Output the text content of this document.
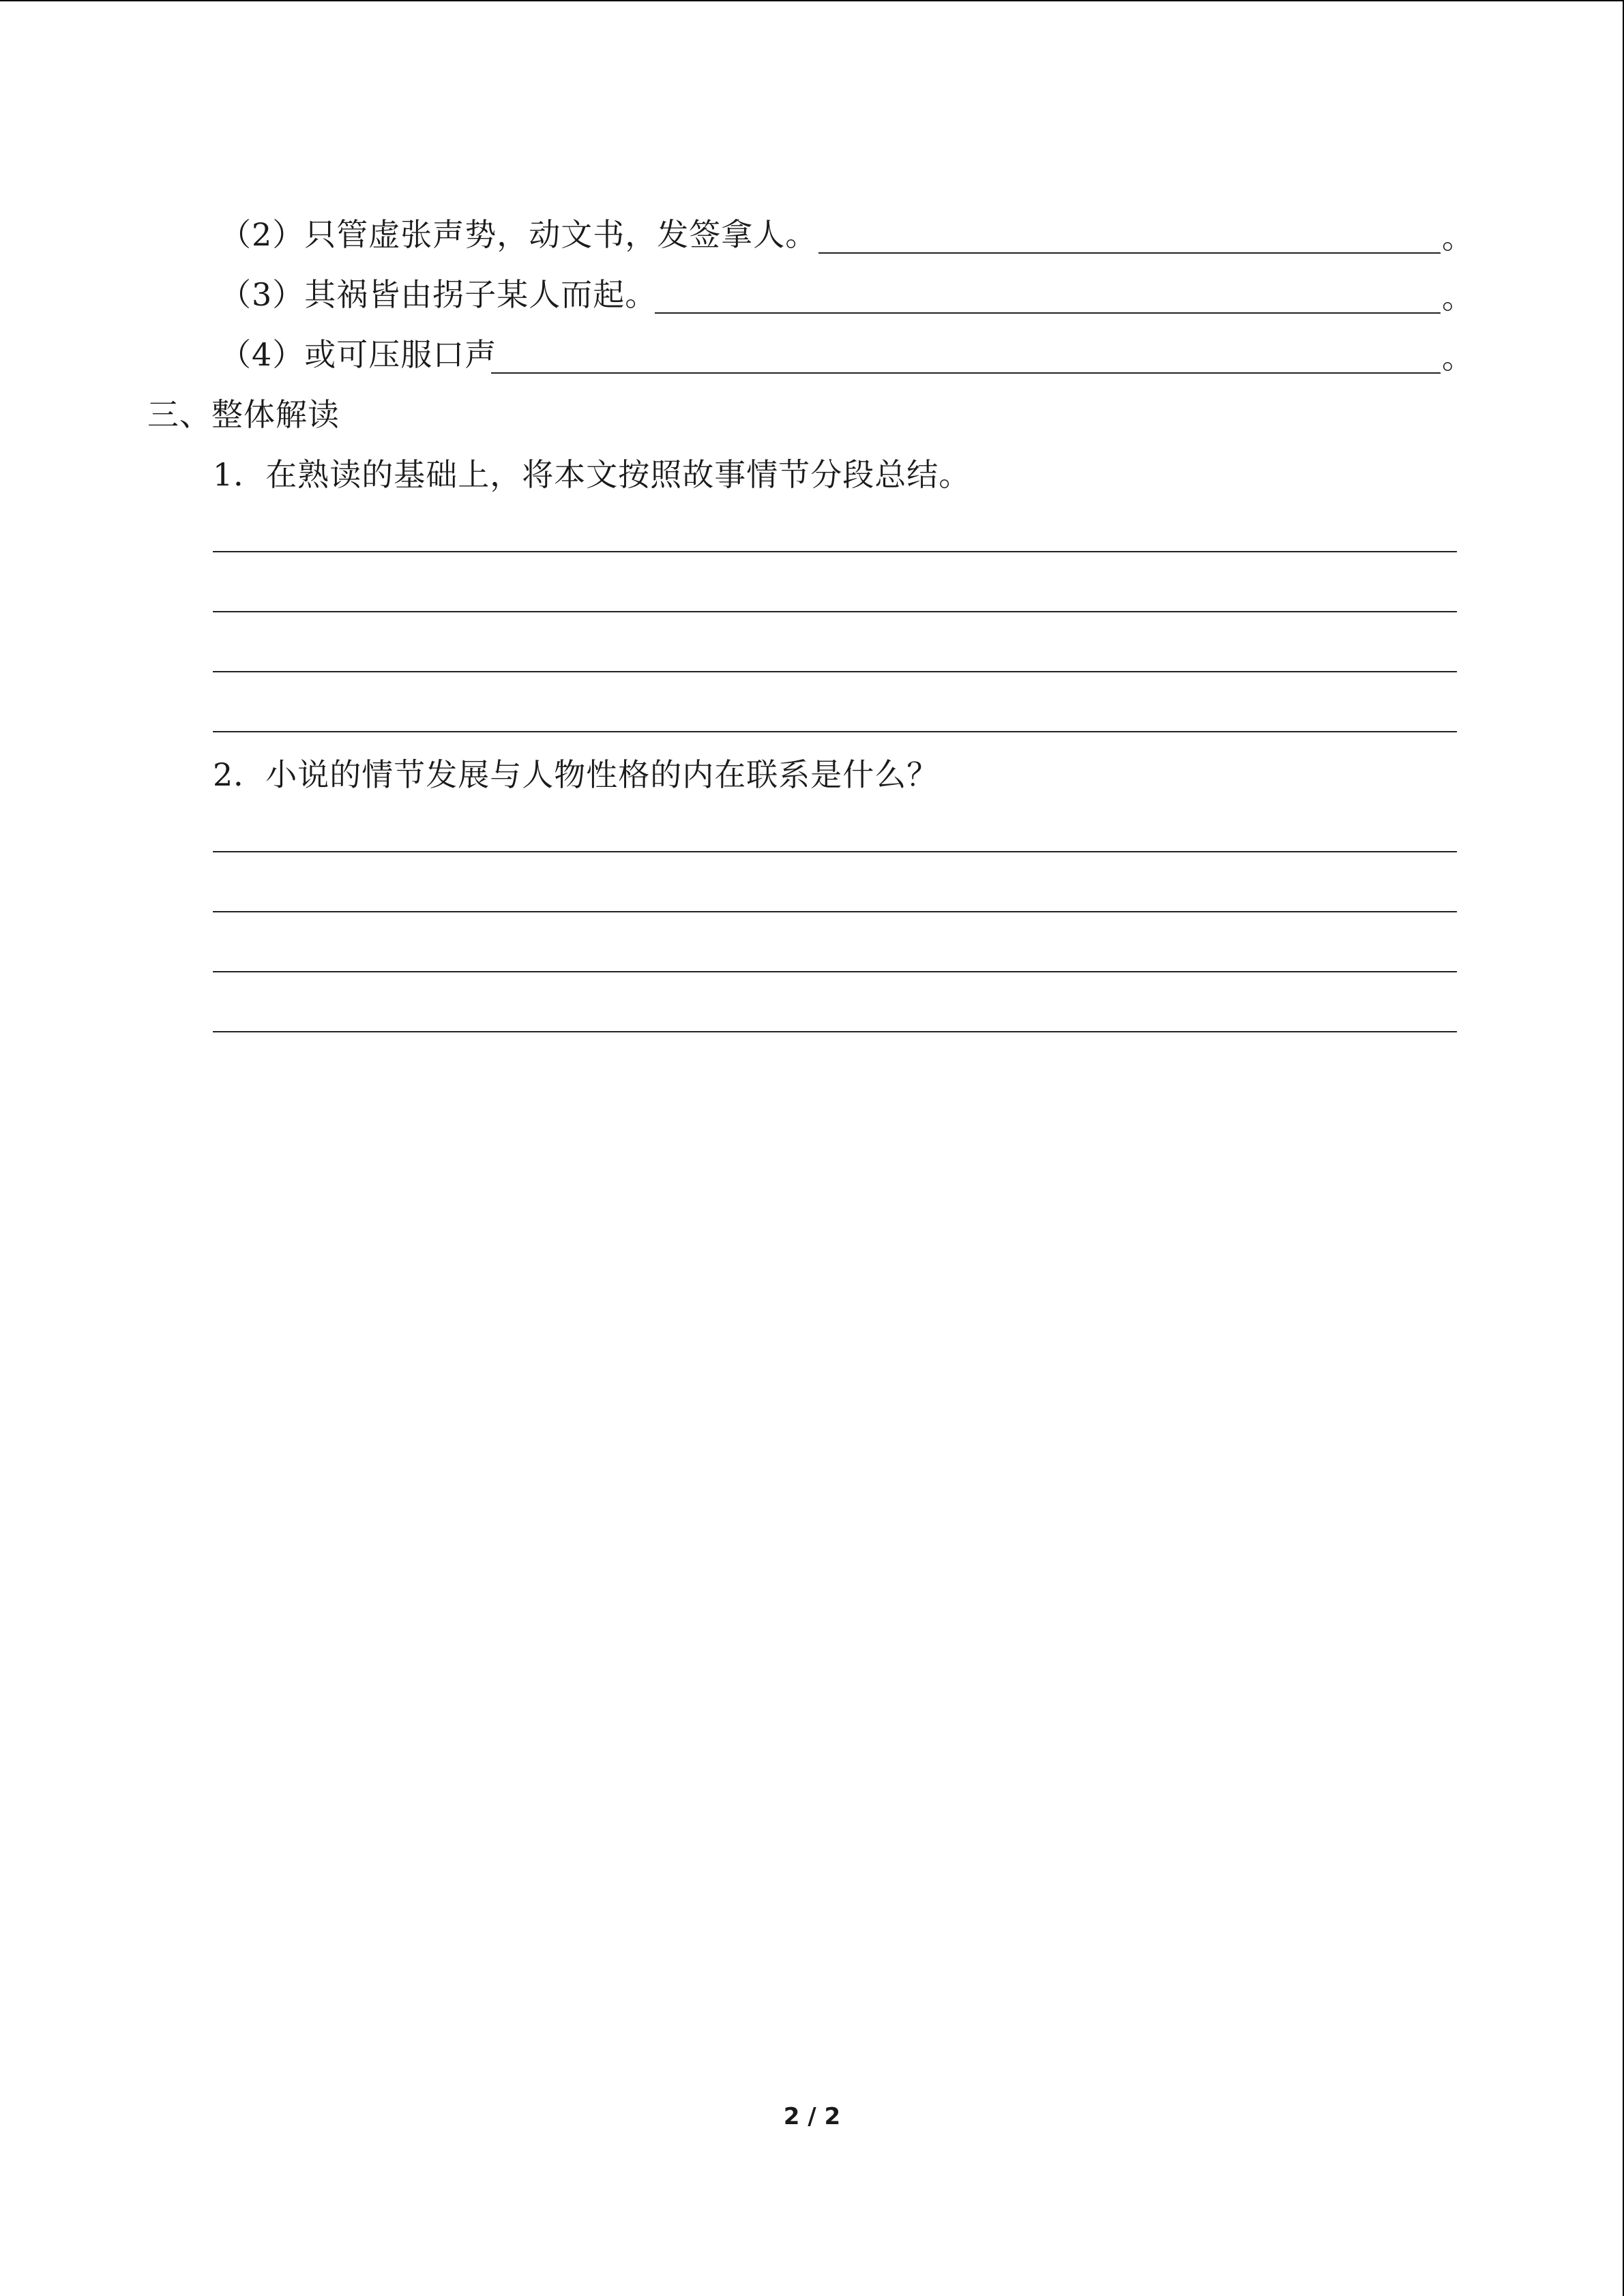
（2）只管虚张声势，动文书，发签拿人。	。
（3）其祸皆由拐子某人而起。	。
（4）或可压服口声	。
三、整体解读
1．在熟读的基础上，将本文按照故事情节分段总结。
2．小说的情节发展与人物性格的内在联系是什么？
2 / 2
